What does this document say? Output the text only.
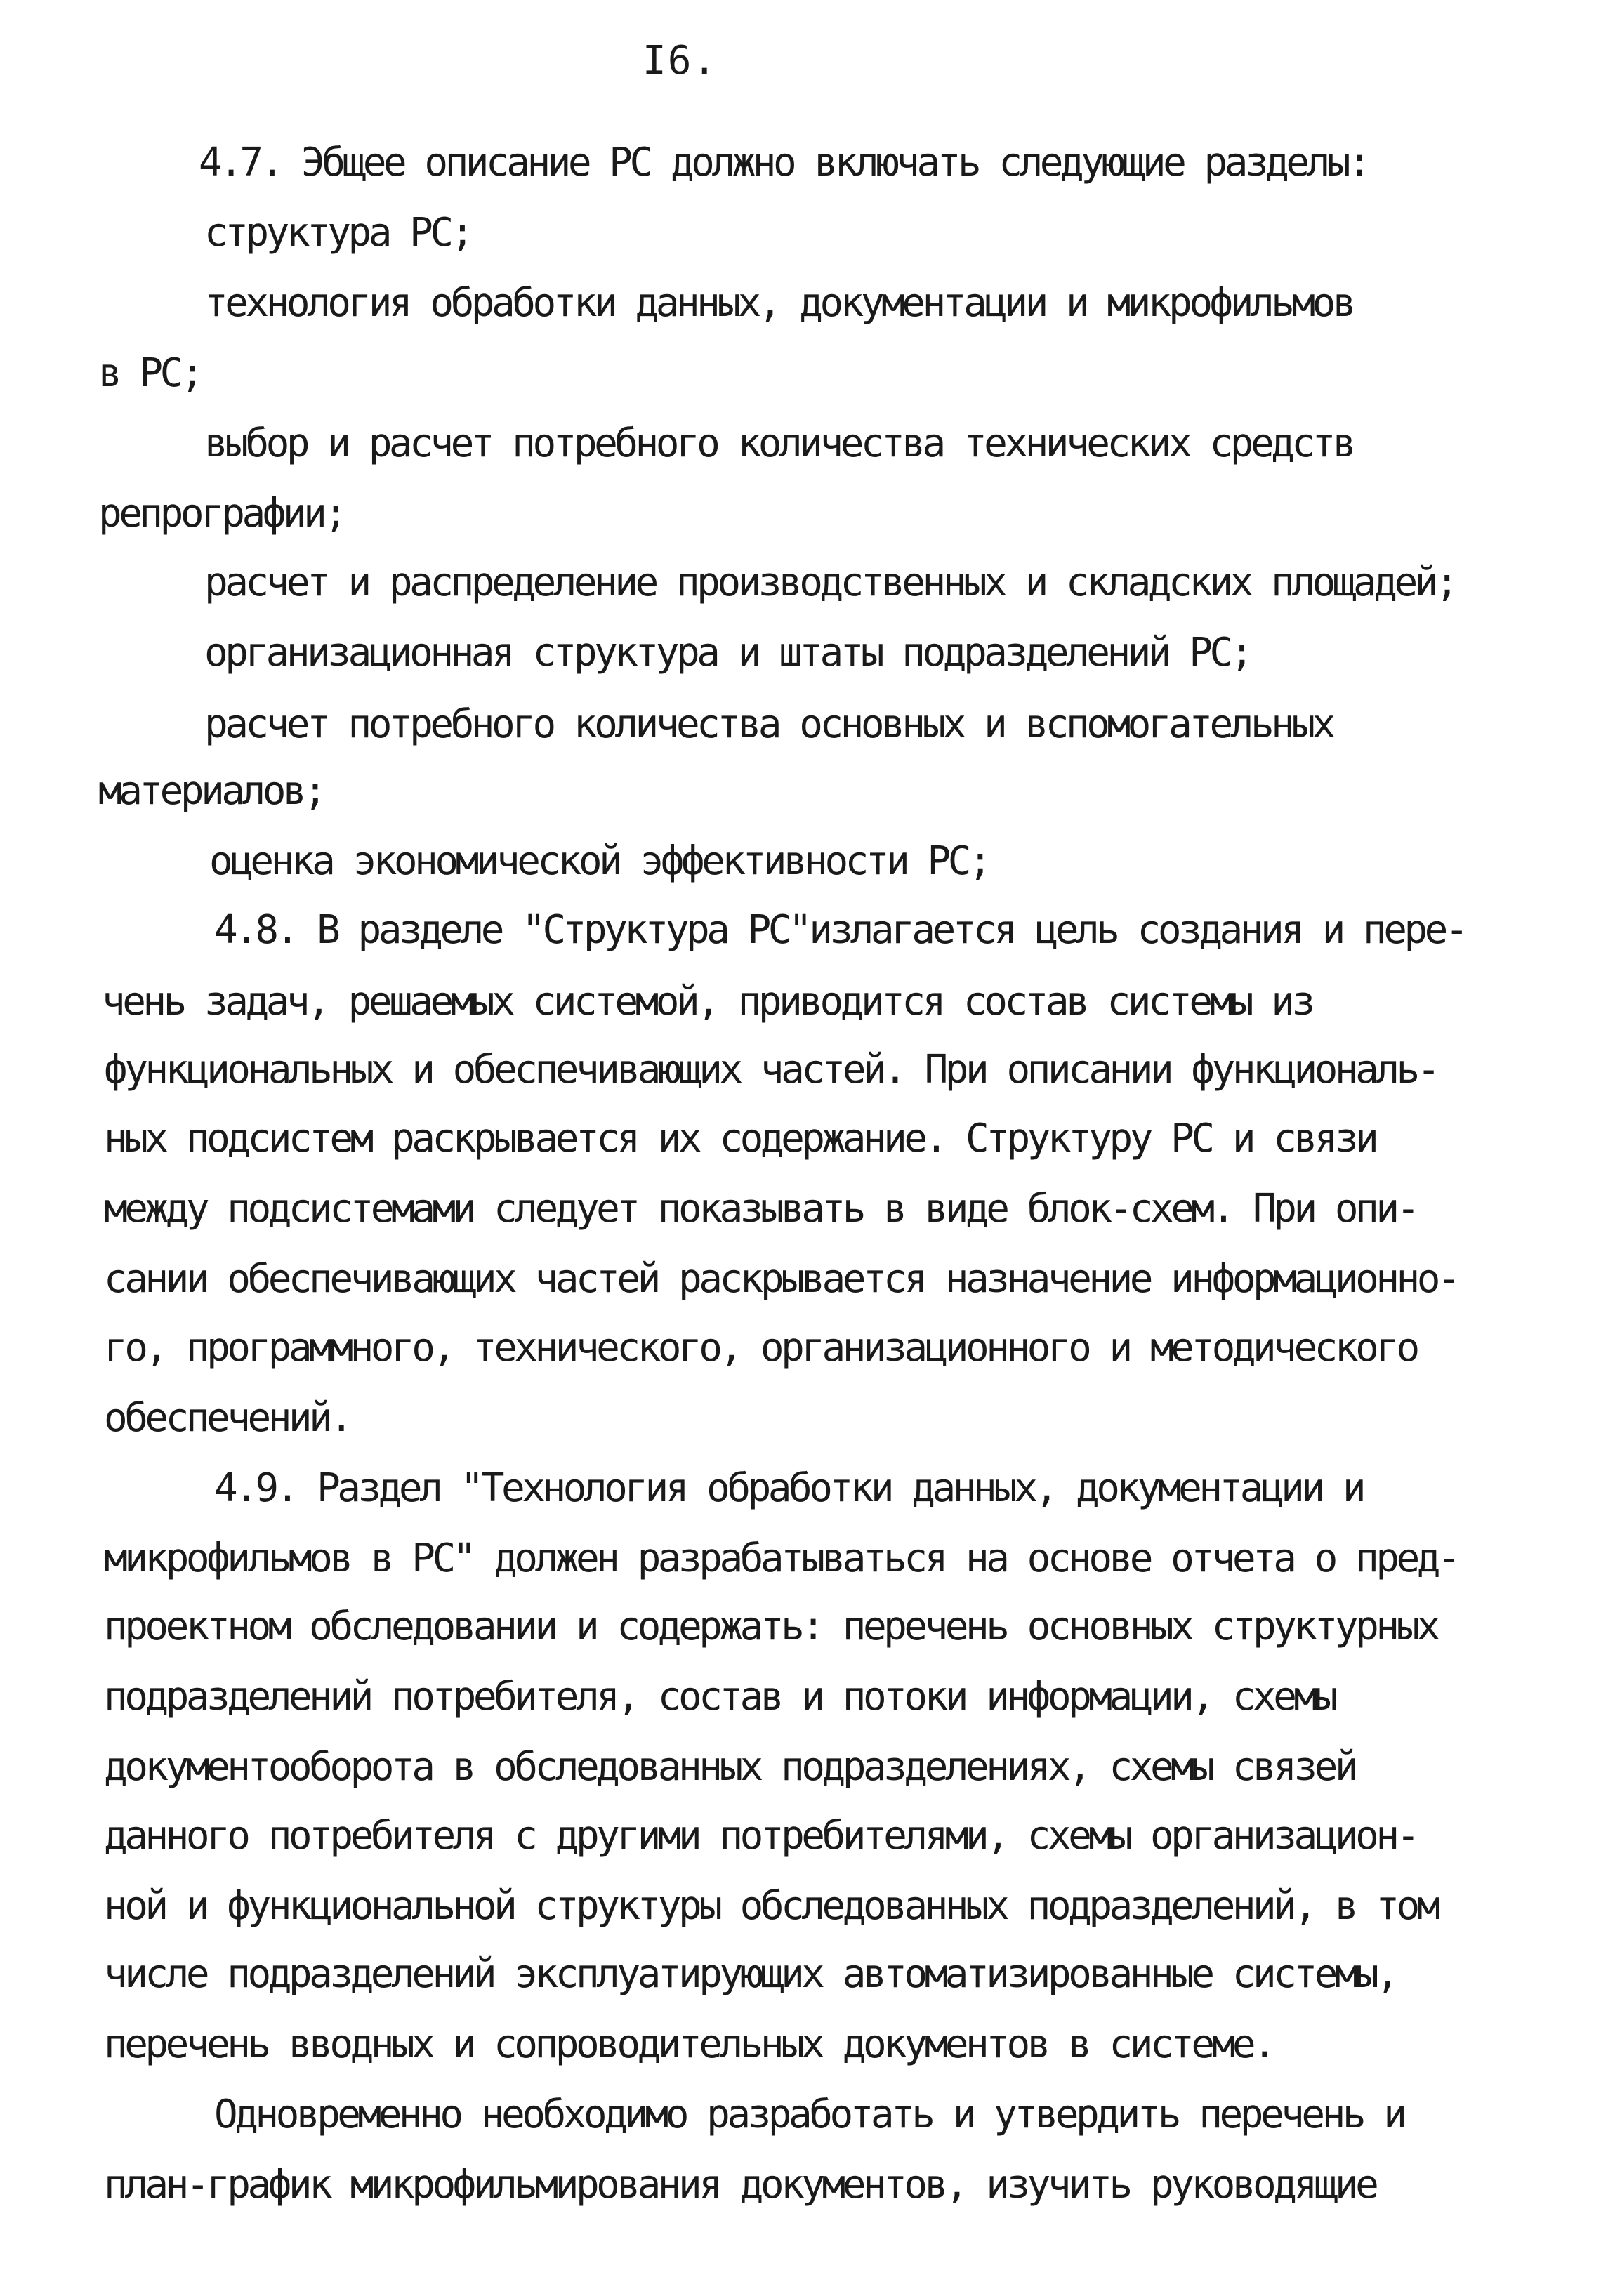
I6.

4.7. Эбщее описание РС должно включать следующие разделы:

структура РС;

технология обработки данных, документации и микрофильмов

в РС;

выбор и расчет потребного количества технических средств

репрографии;

расчет и распределение производственных и складских площадей;

организационная структура и штаты подразделений РС;

расчет потребного количества основных и вспомогательных

материалов;

оценка экономической эффективности РС;

4.8. В разделе "Структура РС"излагается цель создания и пере-

чень задач, решаемых системой, приводится состав системы из

функциональных и обеспечивающих частей. При описании функциональ-

ных подсистем раскрывается их содержание. Структуру РС и связи

между подсистемами следует показывать в виде блок-схем. При опи-

сании обеспечивающих частей раскрывается назначение информационно-

го, программного, технического, организационного и методического

обеспечений.

4.9. Раздел "Технология обработки данных, документации и

микрофильмов в РС" должен разрабатываться на основе отчета о пред-

проектном обследовании и содержать: перечень основных структурных

подразделений потребителя, состав и потоки информации, схемы

документооборота в обследованных подразделениях, схемы связей

данного потребителя с другими потребителями, схемы организацион-

ной и функциональной структуры обследованных подразделений, в том

числе подразделений эксплуатирующих автоматизированные системы,

перечень вводных и сопроводительных документов в системе.

Одновременно необходимо разработать и утвердить перечень и

план-график микрофильмирования документов, изучить руководящие
